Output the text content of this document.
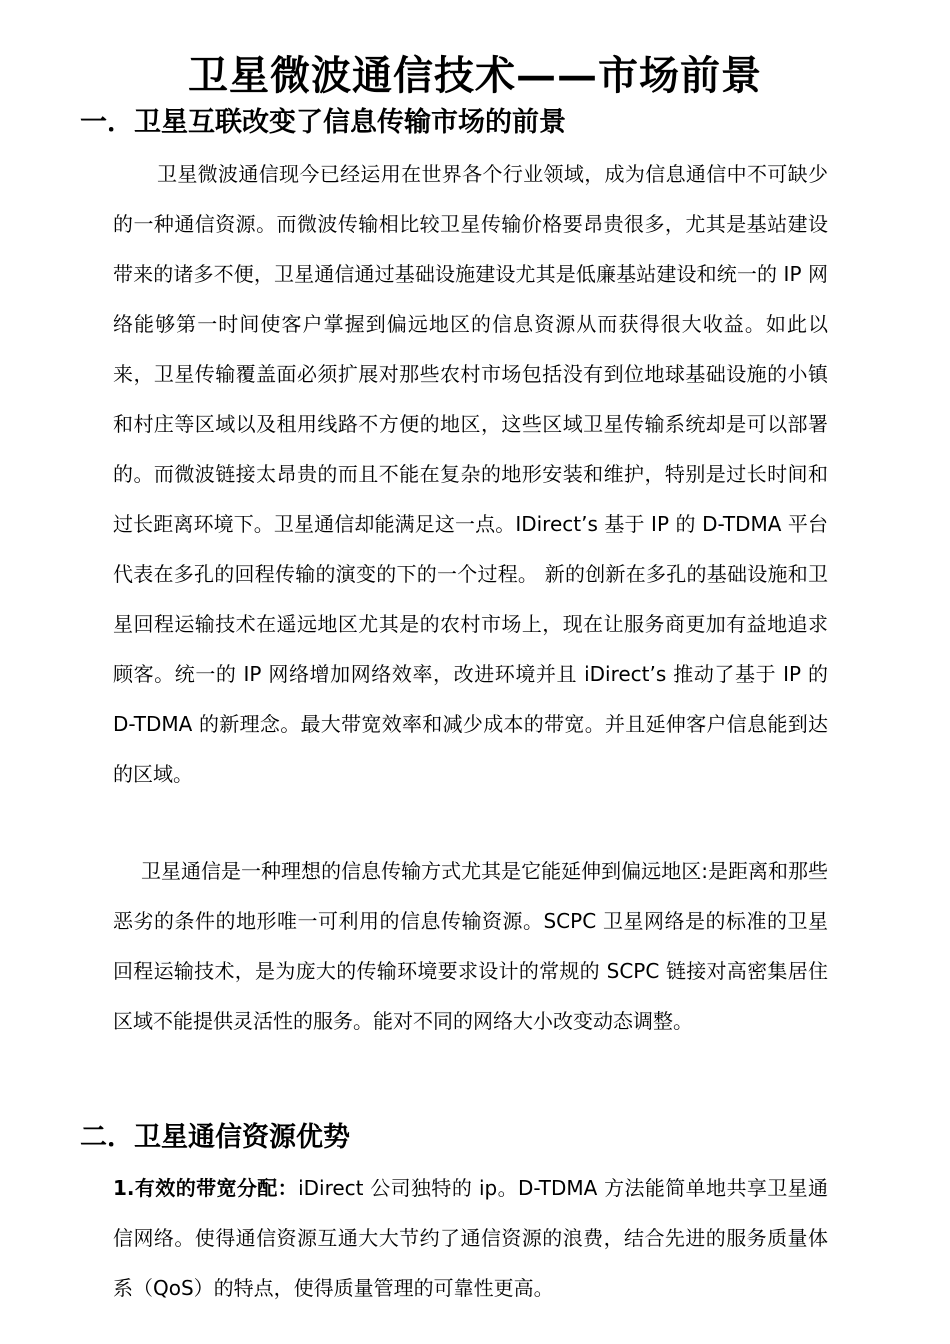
卫星微波通信技术——市场前景
一．卫星互联改变了信息传输市场的前景

卫星微波通信现今已经运用在世界各个行业领域，成为信息通信中不可缺少的一种通信资源。而微波传输相比较卫星传输价格要昂贵很多，尤其是基站建设带来的诸多不便，卫星通信通过基础设施建设尤其是低廉基站建设和统一的 IP 网络能够第一时间使客户掌握到偏远地区的信息资源从而获得很大收益。如此以来，卫星传输覆盖面必须扩展对那些农村市场包括没有到位地球基础设施的小镇和村庄等区域以及租用线路不方便的地区，这些区域卫星传输系统却是可以部署的。而微波链接太昂贵的而且不能在复杂的地形安装和维护，特别是过长时间和过长距离环境下。卫星通信却能满足这一点。IDirect’s 基于 IP 的 D-TDMA 平台代表在多孔的回程传输的演变的下的一个过程。 新的创新在多孔的基础设施和卫星回程运输技术在遥远地区尤其是的农村市场上，现在让服务商更加有益地追求顾客。统一的 IP 网络增加网络效率，改进环境并且 iDirect’s 推动了基于 IP 的 D-TDMA 的新理念。最大带宽效率和减少成本的带宽。并且延伸客户信息能到达的区域。

卫星通信是一种理想的信息传输方式尤其是它能延伸到偏远地区:是距离和那些恶劣的条件的地形唯一可利用的信息传输资源。SCPC 卫星网络是的标准的卫星回程运输技术，是为庞大的传输环境要求设计的常规的 SCPC 链接对高密集居住区域不能提供灵活性的服务。能对不同的网络大小改变动态调整。

二．卫星通信资源优势

1.有效的带宽分配：iDirect 公司独特的 ip。D-TDMA 方法能简单地共享卫星通信网络。使得通信资源互通大大节约了通信资源的浪费，结合先进的服务质量体系（QoS）的特点，使得质量管理的可靠性更高。
